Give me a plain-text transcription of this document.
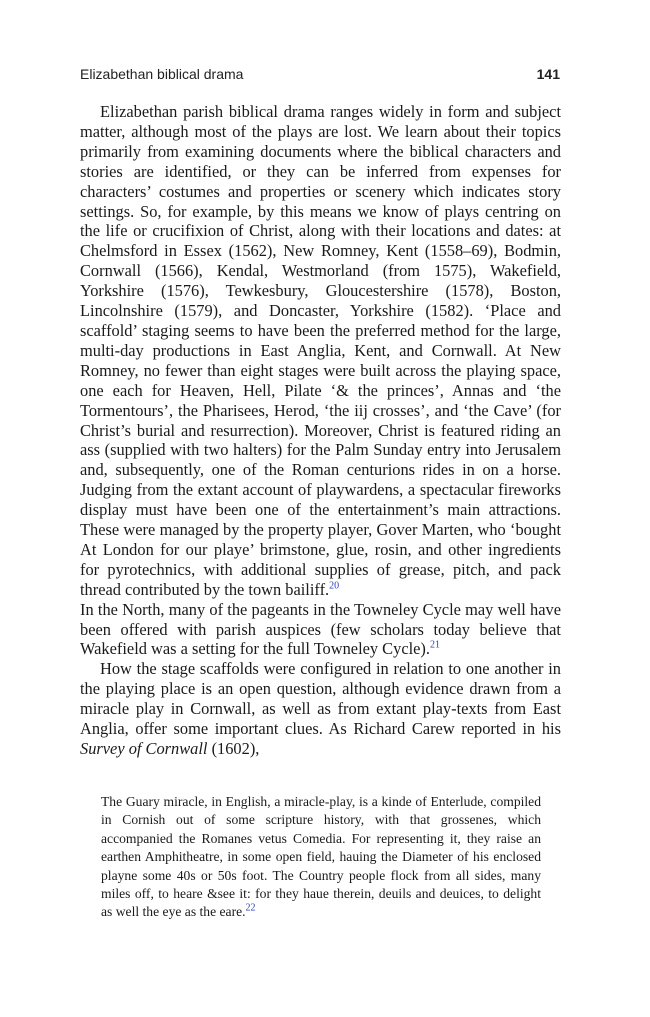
Elizabethan biblical drama	141

Elizabethan parish biblical drama ranges widely in form and subject matter, although most of the plays are lost. We learn about their topics primarily from examining documents where the biblical characters and stories are identified, or they can be inferred from expenses for characters’ costumes and properties or scenery which indicates story settings. So, for example, by this means we know of plays centring on the life or crucifixion of Christ, along with their locations and dates: at Chelmsford in Essex (1562), New Romney, Kent (1558–69), Bodmin, Cornwall (1566), Kendal, Westmorland (from 1575), Wakefield, Yorkshire (1576), Tewkesbury, Gloucestershire (1578), Boston, Lincolnshire (1579), and Doncaster, Yorkshire (1582). ‘Place and scaffold’ staging seems to have been the preferred method for the large, multi-day productions in East Anglia, Kent, and Cornwall. At New Romney, no fewer than eight stages were built across the playing space, one each for Heaven, Hell, Pilate ‘& the princes’, Annas and ‘the Tormentours’, the Pharisees, Herod, ‘the iij crosses’, and ‘the Cave’ (for Christ’s burial and resurrection). Moreover, Christ is featured riding an ass (supplied with two halters) for the Palm Sunday entry into Jerusalem and, subsequently, one of the Roman centurions rides in on a horse. Judging from the extant account of playwardens, a spectacular fireworks display must have been one of the entertainment’s main attractions. These were managed by the property player, Gover Marten, who ‘bought At London for our playe’ brimstone, glue, rosin, and other ingredients for pyrotechnics, with additional supplies of grease, pitch, and pack thread contributed by the town bailiff.$^{20}$

In the North, many of the pageants in the Towneley Cycle may well have been offered with parish auspices (few scholars today believe that Wakefield was a setting for the full Towneley Cycle).$^{21}$

How the stage scaffolds were configured in relation to one another in the playing place is an open question, although evidence drawn from a miracle play in Cornwall, as well as from extant play-texts from East Anglia, offer some important clues. As Richard Carew reported in his Survey of Cornwall (1602),

The Guary miracle, in English, a miracle-play, is a kinde of Enterlude, compiled in Cornish out of some scripture history, with that grossenes, which accompanied the Romanes vetus Comedia. For representing it, they raise an earthen Amphitheatre, in some open field, hauing the Diameter of his enclosed playne some 40s or 50s foot. The Country people flock from all sides, many miles off, to heare &see it: for they haue therein, deuils and deuices, to delight as well the eye as the eare.$^{22}$
